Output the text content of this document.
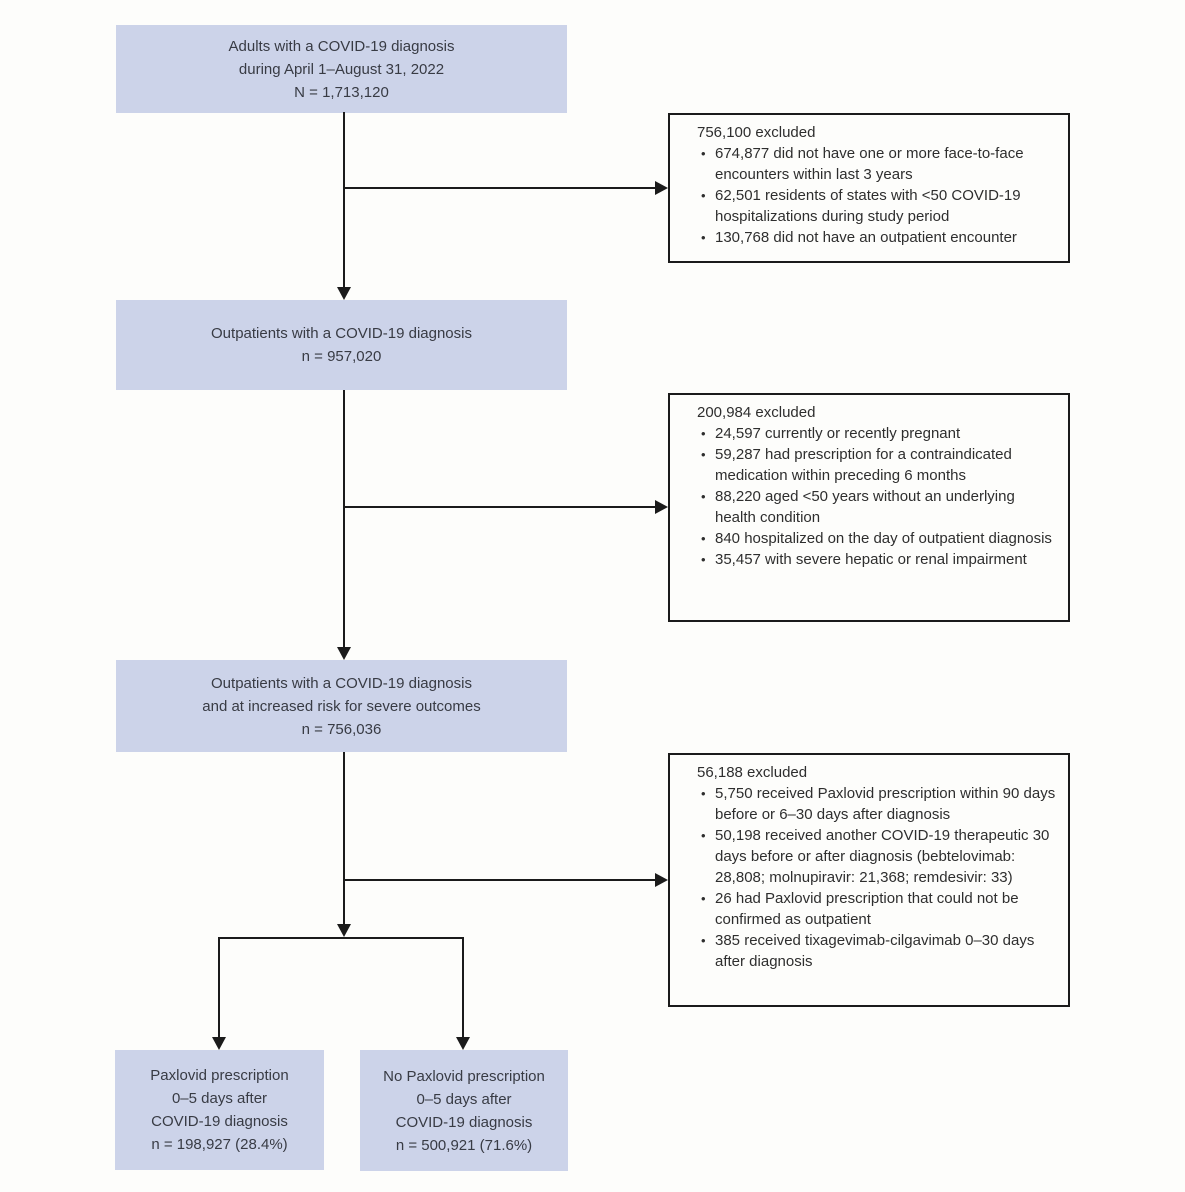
Adults with a COVID-19 diagnosis
during April 1–August 31, 2022
N = 1,713,120
Outpatients with a COVID-19 diagnosis
n = 957,020
Outpatients with a COVID-19 diagnosis
and at increased risk for severe outcomes
n = 756,036
Paxlovid prescription
0–5 days after
COVID-19 diagnosis
n = 198,927 (28.4%)
No Paxlovid prescription
0–5 days after
COVID-19 diagnosis
n = 500,921 (71.6%)
756,100 excluded
• 674,877 did not have one or more face-to-face encounters within last 3 years
• 62,501 residents of states with <50 COVID-19 hospitalizations during study period
• 130,768 did not have an outpatient encounter
200,984 excluded
• 24,597 currently or recently pregnant
• 59,287 had prescription for a contraindicated medication within preceding 6 months
• 88,220 aged <50 years without an underlying health condition
• 840 hospitalized on the day of outpatient diagnosis
• 35,457 with severe hepatic or renal impairment
56,188 excluded
• 5,750 received Paxlovid prescription within 90 days before or 6–30 days after diagnosis
• 50,198 received another COVID-19 therapeutic 30 days before or after diagnosis (bebtelovimab: 28,808; molnupiravir: 21,368; remdesivir: 33)
• 26 had Paxlovid prescription that could not be confirmed as outpatient
• 385 received tixagevimab-cilgavimab 0–30 days after diagnosis
